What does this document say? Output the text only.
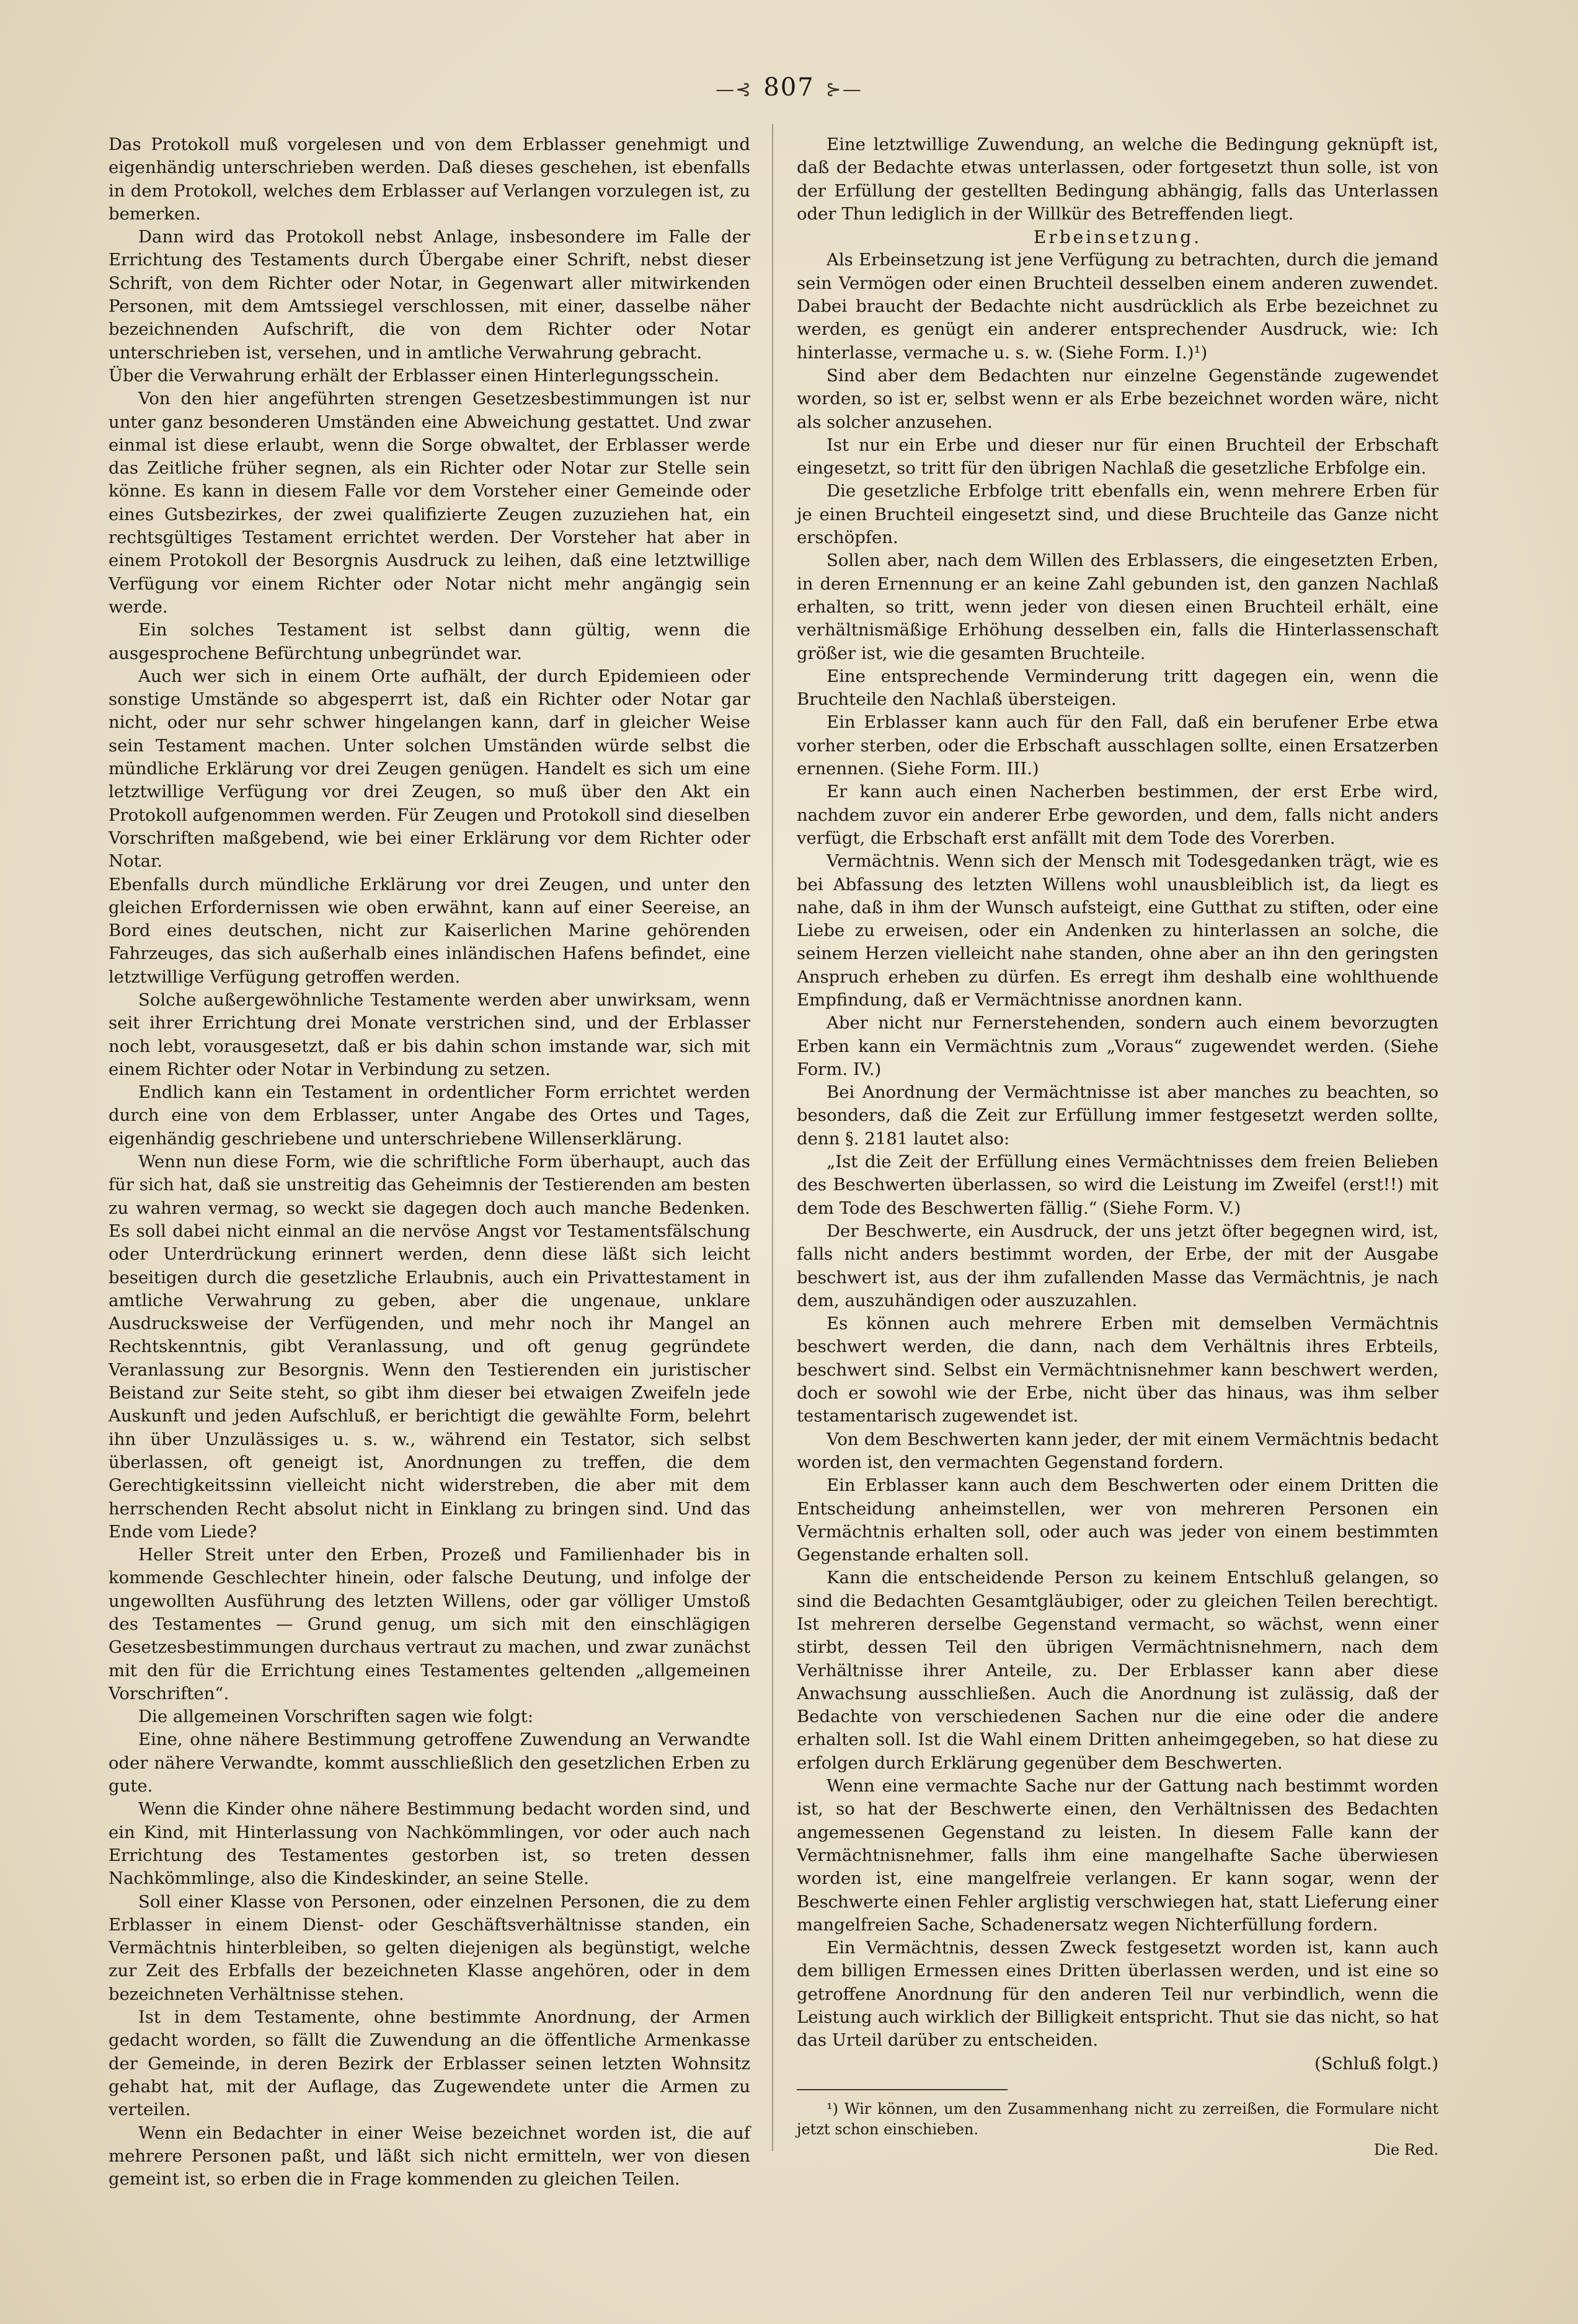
—⊰ 807 ⊱—

Das Protokoll muß vorgelesen und von dem Erblasser genehmigt und eigenhändig unterschrieben werden. Daß dieses geschehen, ist ebenfalls in dem Protokoll, welches dem Erblasser auf Verlangen vorzulegen ist, zu bemerken.

Dann wird das Protokoll nebst Anlage, insbesondere im Falle der Errichtung des Testaments durch Übergabe einer Schrift, nebst dieser Schrift, von dem Richter oder Notar, in Gegenwart aller mitwirkenden Personen, mit dem Amtssiegel verschlossen, mit einer, dasselbe näher bezeichnenden Aufschrift, die von dem Richter oder Notar unterschrieben ist, versehen, und in amtliche Verwahrung gebracht.

Über die Verwahrung erhält der Erblasser einen Hinterlegungsschein.

Von den hier angeführten strengen Gesetzesbestimmungen ist nur unter ganz besonderen Umständen eine Abweichung gestattet. Und zwar einmal ist diese erlaubt, wenn die Sorge obwaltet, der Erblasser werde das Zeitliche früher segnen, als ein Richter oder Notar zur Stelle sein könne. Es kann in diesem Falle vor dem Vorsteher einer Gemeinde oder eines Gutsbezirkes, der zwei qualifizierte Zeugen zuzuziehen hat, ein rechtsgültiges Testament errichtet werden. Der Vorsteher hat aber in einem Protokoll der Besorgnis Ausdruck zu leihen, daß eine letztwillige Verfügung vor einem Richter oder Notar nicht mehr angängig sein werde.

Ein solches Testament ist selbst dann gültig, wenn die ausgesprochene Befürchtung unbegründet war.

Auch wer sich in einem Orte aufhält, der durch Epidemieen oder sonstige Umstände so abgesperrt ist, daß ein Richter oder Notar gar nicht, oder nur sehr schwer hingelangen kann, darf in gleicher Weise sein Testament machen. Unter solchen Umständen würde selbst die mündliche Erklärung vor drei Zeugen genügen. Handelt es sich um eine letztwillige Verfügung vor drei Zeugen, so muß über den Akt ein Protokoll aufgenommen werden. Für Zeugen und Protokoll sind dieselben Vorschriften maßgebend, wie bei einer Erklärung vor dem Richter oder Notar.

Ebenfalls durch mündliche Erklärung vor drei Zeugen, und unter den gleichen Erfordernissen wie oben erwähnt, kann auf einer Seereise, an Bord eines deutschen, nicht zur Kaiserlichen Marine gehörenden Fahrzeuges, das sich außerhalb eines inländischen Hafens befindet, eine letztwillige Verfügung getroffen werden.

Solche außergewöhnliche Testamente werden aber unwirksam, wenn seit ihrer Errichtung drei Monate verstrichen sind, und der Erblasser noch lebt, vorausgesetzt, daß er bis dahin schon imstande war, sich mit einem Richter oder Notar in Verbindung zu setzen.

Endlich kann ein Testament in ordentlicher Form errichtet werden durch eine von dem Erblasser, unter Angabe des Ortes und Tages, eigenhändig geschriebene und unterschriebene Willenserklärung.

Wenn nun diese Form, wie die schriftliche Form überhaupt, auch das für sich hat, daß sie unstreitig das Geheimnis der Testierenden am besten zu wahren vermag, so weckt sie dagegen doch auch manche Bedenken. Es soll dabei nicht einmal an die nervöse Angst vor Testamentsfälschung oder Unterdrückung erinnert werden, denn diese läßt sich leicht beseitigen durch die gesetzliche Erlaubnis, auch ein Privattestament in amtliche Verwahrung zu geben, aber die ungenaue, unklare Ausdrucksweise der Verfügenden, und mehr noch ihr Mangel an Rechtskenntnis, gibt Veranlassung, und oft genug gegründete Veranlassung zur Besorgnis. Wenn den Testierenden ein juristischer Beistand zur Seite steht, so gibt ihm dieser bei etwaigen Zweifeln jede Auskunft und jeden Aufschluß, er berichtigt die gewählte Form, belehrt ihn über Unzulässiges u. s. w., während ein Testator, sich selbst überlassen, oft geneigt ist, Anordnungen zu treffen, die dem Gerechtigkeitssinn vielleicht nicht widerstreben, die aber mit dem herrschenden Recht absolut nicht in Einklang zu bringen sind. Und das Ende vom Liede?

Heller Streit unter den Erben, Prozeß und Familienhader bis in kommende Geschlechter hinein, oder falsche Deutung, und infolge der ungewollten Ausführung des letzten Willens, oder gar völliger Umstoß des Testamentes — Grund genug, um sich mit den einschlägigen Gesetzesbestimmungen durchaus vertraut zu machen, und zwar zunächst mit den für die Errichtung eines Testamentes geltenden „allgemeinen Vorschriften“.

Die allgemeinen Vorschriften sagen wie folgt:

Eine, ohne nähere Bestimmung getroffene Zuwendung an Verwandte oder nähere Verwandte, kommt ausschließlich den gesetzlichen Erben zu gute.

Wenn die Kinder ohne nähere Bestimmung bedacht worden sind, und ein Kind, mit Hinterlassung von Nachkömmlingen, vor oder auch nach Errichtung des Testamentes gestorben ist, so treten dessen Nachkömmlinge, also die Kindeskinder, an seine Stelle.

Soll einer Klasse von Personen, oder einzelnen Personen, die zu dem Erblasser in einem Dienst- oder Geschäftsverhältnisse standen, ein Vermächtnis hinterbleiben, so gelten diejenigen als begünstigt, welche zur Zeit des Erbfalls der bezeichneten Klasse angehören, oder in dem bezeichneten Verhältnisse stehen.

Ist in dem Testamente, ohne bestimmte Anordnung, der Armen gedacht worden, so fällt die Zuwendung an die öffentliche Armenkasse der Gemeinde, in deren Bezirk der Erblasser seinen letzten Wohnsitz gehabt hat, mit der Auflage, das Zugewendete unter die Armen zu verteilen.

Wenn ein Bedachter in einer Weise bezeichnet worden ist, die auf mehrere Personen paßt, und läßt sich nicht ermitteln, wer von diesen gemeint ist, so erben die in Frage kommenden zu gleichen Teilen.

Eine letztwillige Zuwendung, an welche die Bedingung geknüpft ist, daß der Bedachte etwas unterlassen, oder fortgesetzt thun solle, ist von der Erfüllung der gestellten Bedingung abhängig, falls das Unterlassen oder Thun lediglich in der Willkür des Betreffenden liegt.

Erbeinsetzung.

Als Erbeinsetzung ist jene Verfügung zu betrachten, durch die jemand sein Vermögen oder einen Bruchteil desselben einem anderen zuwendet. Dabei braucht der Bedachte nicht ausdrücklich als Erbe bezeichnet zu werden, es genügt ein anderer entsprechender Ausdruck, wie: Ich hinterlasse, vermache u. s. w. (Siehe Form. I.)¹)

Sind aber dem Bedachten nur einzelne Gegenstände zugewendet worden, so ist er, selbst wenn er als Erbe bezeichnet worden wäre, nicht als solcher anzusehen.

Ist nur ein Erbe und dieser nur für einen Bruchteil der Erbschaft eingesetzt, so tritt für den übrigen Nachlaß die gesetzliche Erbfolge ein.

Die gesetzliche Erbfolge tritt ebenfalls ein, wenn mehrere Erben für je einen Bruchteil eingesetzt sind, und diese Bruchteile das Ganze nicht erschöpfen.

Sollen aber, nach dem Willen des Erblassers, die eingesetzten Erben, in deren Ernennung er an keine Zahl gebunden ist, den ganzen Nachlaß erhalten, so tritt, wenn jeder von diesen einen Bruchteil erhält, eine verhältnismäßige Erhöhung desselben ein, falls die Hinterlassenschaft größer ist, wie die gesamten Bruchteile.

Eine entsprechende Verminderung tritt dagegen ein, wenn die Bruchteile den Nachlaß übersteigen.

Ein Erblasser kann auch für den Fall, daß ein berufener Erbe etwa vorher sterben, oder die Erbschaft ausschlagen sollte, einen Ersatzerben ernennen. (Siehe Form. III.)

Er kann auch einen Nacherben bestimmen, der erst Erbe wird, nachdem zuvor ein anderer Erbe geworden, und dem, falls nicht anders verfügt, die Erbschaft erst anfällt mit dem Tode des Vorerben.

Vermächtnis. Wenn sich der Mensch mit Todesgedanken trägt, wie es bei Abfassung des letzten Willens wohl unausbleiblich ist, da liegt es nahe, daß in ihm der Wunsch aufsteigt, eine Gutthat zu stiften, oder eine Liebe zu erweisen, oder ein Andenken zu hinterlassen an solche, die seinem Herzen vielleicht nahe standen, ohne aber an ihn den geringsten Anspruch erheben zu dürfen. Es erregt ihm deshalb eine wohlthuende Empfindung, daß er Vermächtnisse anordnen kann.

Aber nicht nur Fernerstehenden, sondern auch einem bevorzugten Erben kann ein Vermächtnis zum „Voraus“ zugewendet werden. (Siehe Form. IV.)

Bei Anordnung der Vermächtnisse ist aber manches zu beachten, so besonders, daß die Zeit zur Erfüllung immer festgesetzt werden sollte, denn §. 2181 lautet also:

„Ist die Zeit der Erfüllung eines Vermächtnisses dem freien Belieben des Beschwerten überlassen, so wird die Leistung im Zweifel (erst!!) mit dem Tode des Beschwerten fällig.“ (Siehe Form. V.)

Der Beschwerte, ein Ausdruck, der uns jetzt öfter begegnen wird, ist, falls nicht anders bestimmt worden, der Erbe, der mit der Ausgabe beschwert ist, aus der ihm zufallenden Masse das Vermächtnis, je nach dem, auszuhändigen oder auszuzahlen.

Es können auch mehrere Erben mit demselben Vermächtnis beschwert werden, die dann, nach dem Verhältnis ihres Erbteils, beschwert sind. Selbst ein Vermächtnisnehmer kann beschwert werden, doch er sowohl wie der Erbe, nicht über das hinaus, was ihm selber testamentarisch zugewendet ist.

Von dem Beschwerten kann jeder, der mit einem Vermächtnis bedacht worden ist, den vermachten Gegenstand fordern.

Ein Erblasser kann auch dem Beschwerten oder einem Dritten die Entscheidung anheimstellen, wer von mehreren Personen ein Vermächtnis erhalten soll, oder auch was jeder von einem bestimmten Gegenstande erhalten soll.

Kann die entscheidende Person zu keinem Entschluß gelangen, so sind die Bedachten Gesamtgläubiger, oder zu gleichen Teilen berechtigt. Ist mehreren derselbe Gegenstand vermacht, so wächst, wenn einer stirbt, dessen Teil den übrigen Vermächtnisnehmern, nach dem Verhältnisse ihrer Anteile, zu. Der Erblasser kann aber diese Anwachsung ausschließen. Auch die Anordnung ist zulässig, daß der Bedachte von verschiedenen Sachen nur die eine oder die andere erhalten soll. Ist die Wahl einem Dritten anheimgegeben, so hat diese zu erfolgen durch Erklärung gegenüber dem Beschwerten.

Wenn eine vermachte Sache nur der Gattung nach bestimmt worden ist, so hat der Beschwerte einen, den Verhältnissen des Bedachten angemessenen Gegenstand zu leisten. In diesem Falle kann der Vermächtnisnehmer, falls ihm eine mangelhafte Sache überwiesen worden ist, eine mangelfreie verlangen. Er kann sogar, wenn der Beschwerte einen Fehler arglistig verschwiegen hat, statt Lieferung einer mangelfreien Sache, Schadenersatz wegen Nichterfüllung fordern.

Ein Vermächtnis, dessen Zweck festgesetzt worden ist, kann auch dem billigen Ermessen eines Dritten überlassen werden, und ist eine so getroffene Anordnung für den anderen Teil nur verbindlich, wenn die Leistung auch wirklich der Billigkeit entspricht. Thut sie das nicht, so hat das Urteil darüber zu entscheiden.

(Schluß folgt.)

¹) Wir können, um den Zusammenhang nicht zu zerreißen, die Formulare nicht jetzt schon einschieben.

Die Red.
